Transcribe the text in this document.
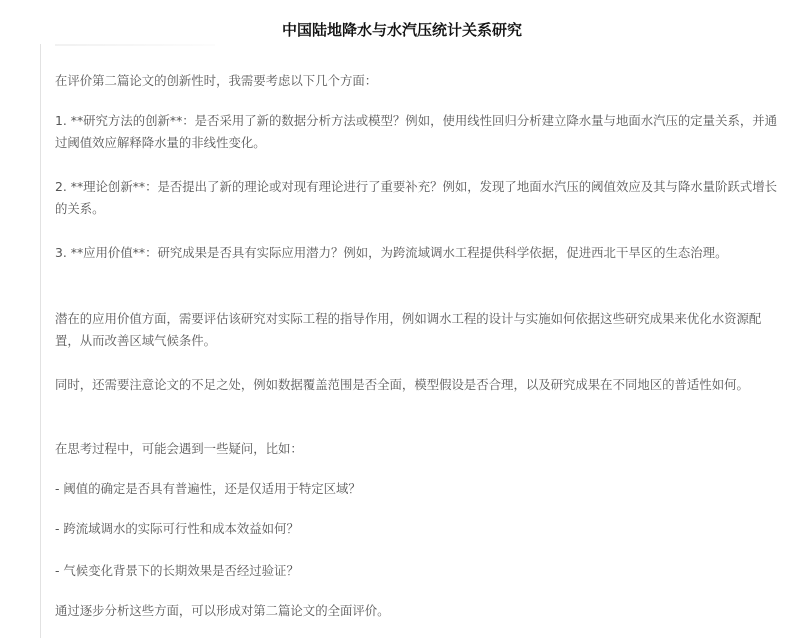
中国陆地降水与水汽压统计关系研究

在评价第二篇论文的创新性时，我需要考虑以下几个方面：

1. **研究方法的创新**：是否采用了新的数据分析方法或模型？例如，使用线性回归分析建立降水量与地面水汽压的定量关系，并通过阈值效应解释降水量的非线性变化。

2. **理论创新**：是否提出了新的理论或对现有理论进行了重要补充？例如，发现了地面水汽压的阈值效应及其与降水量阶跃式增长的关系。

3. **应用价值**：研究成果是否具有实际应用潜力？例如，为跨流域调水工程提供科学依据，促进西北干旱区的生态治理。

潜在的应用价值方面，需要评估该研究对实际工程的指导作用，例如调水工程的设计与实施如何依据这些研究成果来优化水资源配置，从而改善区域气候条件。

同时，还需要注意论文的不足之处，例如数据覆盖范围是否全面，模型假设是否合理，以及研究成果在不同地区的普适性如何。

在思考过程中，可能会遇到一些疑问，比如：

- 阈值的确定是否具有普遍性，还是仅适用于特定区域？

- 跨流域调水的实际可行性和成本效益如何？

- 气候变化背景下的长期效果是否经过验证？

通过逐步分析这些方面，可以形成对第二篇论文的全面评价。
